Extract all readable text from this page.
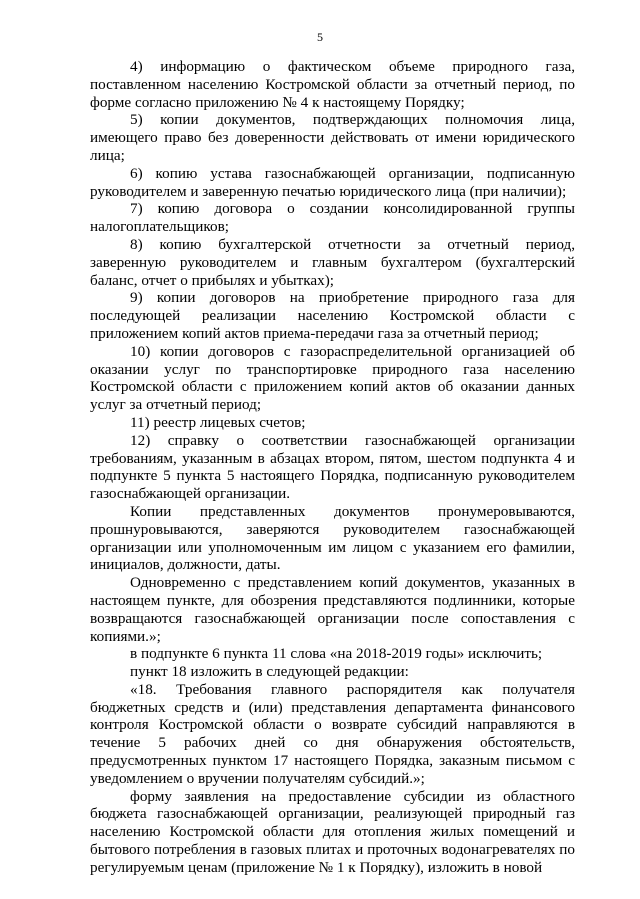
5

4) информацию о фактическом объеме природного газа, поставленном населению Костромской области за отчетный период, по форме согласно приложению № 4 к настоящему Порядку;

5) копии документов, подтверждающих полномочия лица, имеющего право без доверенности действовать от имени юридического лица;

6) копию устава газоснабжающей организации, подписанную руководителем и заверенную печатью юридического лица (при наличии);

7) копию договора о создании консолидированной группы налогоплательщиков;

8) копию бухгалтерской отчетности за отчетный период, заверенную руководителем и главным бухгалтером (бухгалтерский баланс, отчет о прибылях и убытках);

9) копии договоров на приобретение природного газа для последующей реализации населению Костромской области с приложением копий актов приема-передачи газа за отчетный период;

10) копии договоров с газораспределительной организацией об оказании услуг по транспортировке природного газа населению Костромской области с приложением копий актов об оказании данных услуг за отчетный период;

11) реестр лицевых счетов;

12) справку о соответствии газоснабжающей организации требованиям, указанным в абзацах втором, пятом, шестом подпункта 4 и подпункте 5 пункта 5 настоящего Порядка, подписанную руководителем газоснабжающей организации.

Копии представленных документов пронумеровываются, прошнуровываются, заверяются руководителем газоснабжающей организации или уполномоченным им лицом с указанием его фамилии, инициалов, должности, даты.

Одновременно с представлением копий документов, указанных в настоящем пункте, для обозрения представляются подлинники, которые возвращаются газоснабжающей организации после сопоставления с копиями.»;

в подпункте 6 пункта 11 слова «на 2018-2019 годы» исключить;

пункт 18 изложить в следующей редакции:

«18. Требования главного распорядителя как получателя бюджетных средств и (или) представления департамента финансового контроля Костромской области о возврате субсидий направляются в течение 5 рабочих дней со дня обнаружения обстоятельств, предусмотренных пунктом 17 настоящего Порядка, заказным письмом с уведомлением о вручении получателям субсидий.»;

форму заявления на предоставление субсидии из областного бюджета газоснабжающей организации, реализующей природный газ населению Костромской области для отопления жилых помещений и бытового потребления в газовых плитах и проточных водонагревателях по регулируемым ценам (приложение № 1 к Порядку), изложить в новой
